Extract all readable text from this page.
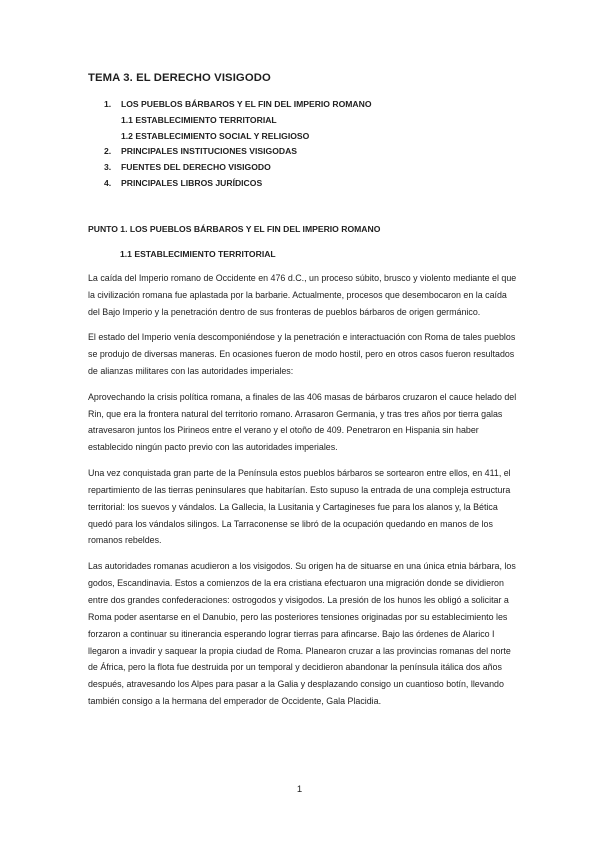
TEMA 3. EL DERECHO VISIGODO
1. LOS PUEBLOS BÁRBAROS Y EL FIN DEL IMPERIO ROMANO
1.1 ESTABLECIMIENTO TERRITORIAL
1.2 ESTABLECIMIENTO SOCIAL Y RELIGIOSO
2. PRINCIPALES INSTITUCIONES VISIGODAS
3. FUENTES DEL DERECHO VISIGODO
4. PRINCIPALES LIBROS JURÍDICOS
PUNTO 1. LOS PUEBLOS BÁRBAROS Y EL FIN DEL IMPERIO ROMANO
1.1 ESTABLECIMIENTO TERRITORIAL

La caída del Imperio romano de Occidente en 476 d.C., un proceso súbito, brusco y violento mediante el que la civilización romana fue aplastada por la barbarie. Actualmente, procesos que desembocaron en la caída del Bajo Imperio y la penetración dentro de sus fronteras de pueblos bárbaros de origen germánico.

El estado del Imperio venía descomponiéndose y la penetración e interactuación con Roma de tales pueblos se produjo de diversas maneras. En ocasiones fueron de modo hostil, pero en otros casos fueron resultados de alianzas militares con las autoridades imperiales:

Aprovechando la crisis política romana, a finales de las 406 masas de bárbaros cruzaron el cauce helado del Rin, que era la frontera natural del territorio romano. Arrasaron Germania, y tras tres años por tierra galas atravesaron juntos los Pirineos entre el verano y el otoño de 409. Penetraron en Hispania sin haber establecido ningún pacto previo con las autoridades imperiales.

Una vez conquistada gran parte de la Península estos pueblos bárbaros se sortearon entre ellos, en 411, el repartimiento de las tierras peninsulares que habitarían. Esto supuso la entrada de una compleja estructura territorial: los suevos y vándalos. La Gallecia, la Lusitania y Cartagineses fue para los alanos y, la Bética quedó para los vándalos silingos. La Tarraconense se libró de la ocupación quedando en manos de los romanos rebeldes.

Las autoridades romanas acudieron a los visigodos. Su origen ha de situarse en una única etnia bárbara, los godos, Escandinavia. Estos a comienzos de la era cristiana efectuaron una migración donde se dividieron entre dos grandes confederaciones: ostrogodos y visigodos. La presión de los hunos les obligó a solicitar a Roma poder asentarse en el Danubio, pero las posteriores tensiones originadas por su establecimiento les forzaron a continuar su itinerancia esperando lograr tierras para afincarse. Bajo las órdenes de Alarico I llegaron a invadir y saquear la propia ciudad de Roma. Planearon cruzar a las provincias romanas del norte de África, pero la flota fue destruida por un temporal y decidieron abandonar la península itálica dos años después, atravesando los Alpes para pasar a la Galia y desplazando consigo un cuantioso botín, llevando también consigo a la hermana del emperador de Occidente, Gala Placidia.

1
